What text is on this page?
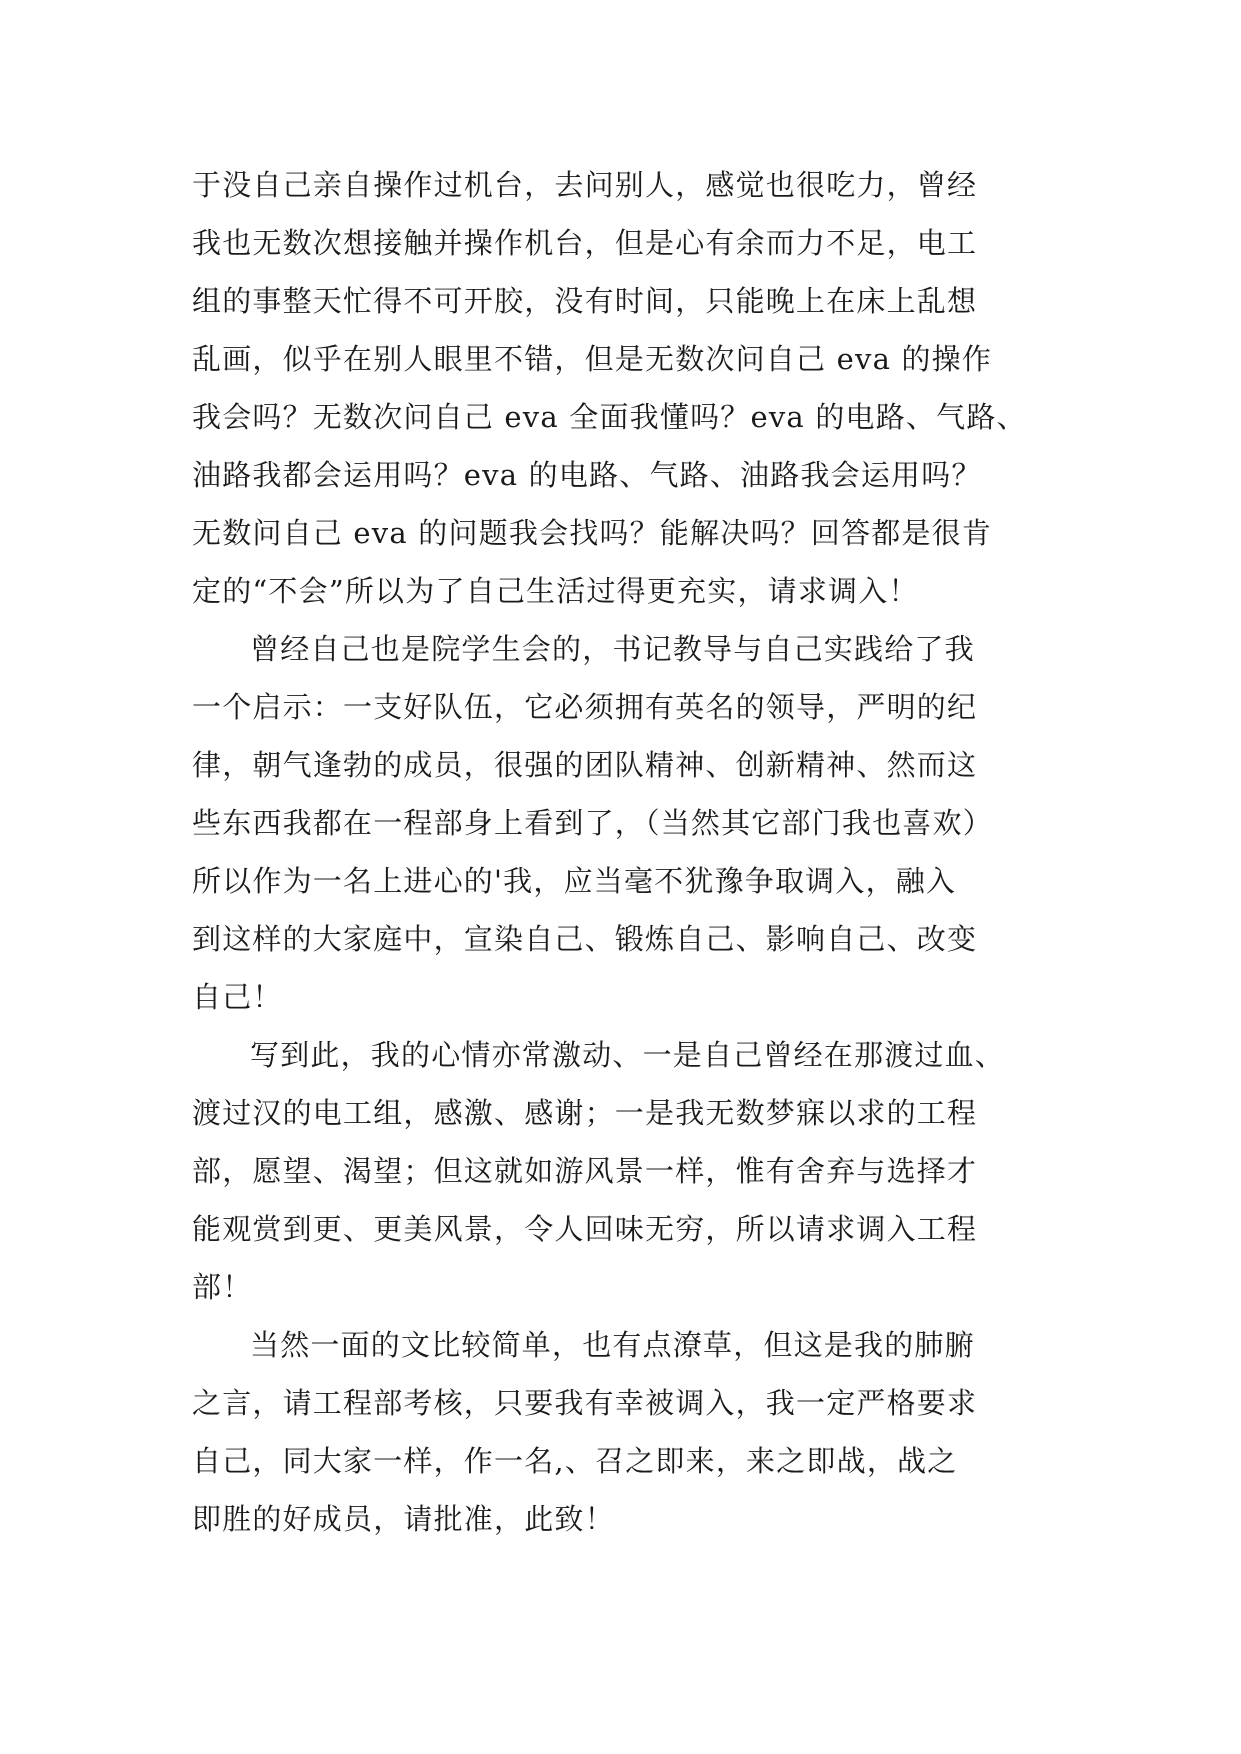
于没自己亲自操作过机台，去问别人，感觉也很吃力，曾经
我也无数次想接触并操作机台，但是心有余而力不足，电工
组的事整天忙得不可开胶，没有时间，只能晚上在床上乱想
乱画，似乎在别人眼里不错，但是无数次问自己 eva 的操作
我会吗？无数次问自己 eva 全面我懂吗？eva 的电路、气路、
油路我都会运用吗？eva 的电路、气路、油路我会运用吗？
无数问自己 eva 的问题我会找吗？能解决吗？回答都是很肯
定的“不会”所以为了自己生活过得更充实，请求调入！

曾经自己也是院学生会的，书记教导与自己实践给了我
一个启示：一支好队伍，它必须拥有英名的领导，严明的纪
律，朝气逢勃的成员，很强的团队精神、创新精神、然而这
些东西我都在一程部身上看到了，（当然其它部门我也喜欢）
所以作为一名上进心的'我，应当毫不犹豫争取调入，融入
到这样的大家庭中，宣染自己、锻炼自己、影响自己、改变
自己！

写到此，我的心情亦常激动、一是自己曾经在那渡过血、
渡过汉的电工组，感激、感谢；一是我无数梦寐以求的工程
部，愿望、渴望；但这就如游风景一样，惟有舍弃与选择才
能观赏到更、更美风景，令人回味无穷，所以请求调入工程
部！

当然一面的文比较简单，也有点潦草，但这是我的肺腑
之言，请工程部考核，只要我有幸被调入，我一定严格要求
自己，同大家一样，作一名,、召之即来，来之即战，战之
即胜的好成员，请批准，此致！
